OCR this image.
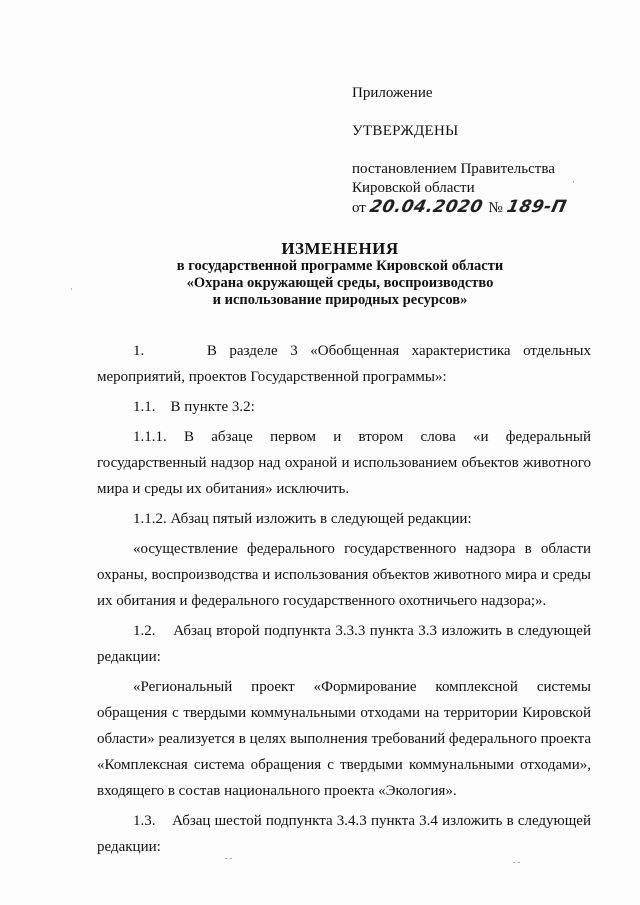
Приложение
УТВЕРЖДЕНЫ
постановлением Правительства
Кировской области
от 20.04.2020 № 189-П
ИЗМЕНЕНИЯ
в государственной программе Кировской области
«Охрана окружающей среды, воспроизводство
и использование природных ресурсов»

1.     В разделе 3 «Обобщенная характеристика отдельных мероприятий, проектов Государственной программы»:

1.1.    В пункте 3.2:

1.1.1. В абзаце первом и втором слова «и федеральный государственный надзор над охраной и использованием объектов животного мира и среды их обитания» исключить.

1.1.2. Абзац пятый изложить в следующей редакции:

«осуществление федерального государственного надзора в области охраны, воспроизводства и использования объектов животного мира и среды их обитания и федерального государственного охотничьего надзора;».

1.2.    Абзац второй подпункта 3.3.3 пункта 3.3 изложить в следующей редакции:

«Региональный проект «Формирование комплексной системы обращения с твердыми коммунальными отходами на территории Кировской области» реализуется в целях выполнения требований федерального проекта «Комплексная система обращения с твердыми коммунальными отходами», входящего в состав национального проекта «Экология».

1.3.    Абзац шестой подпункта 3.4.3 пункта 3.4 изложить в следующей редакции:

·
·
˘˘	˘˘
